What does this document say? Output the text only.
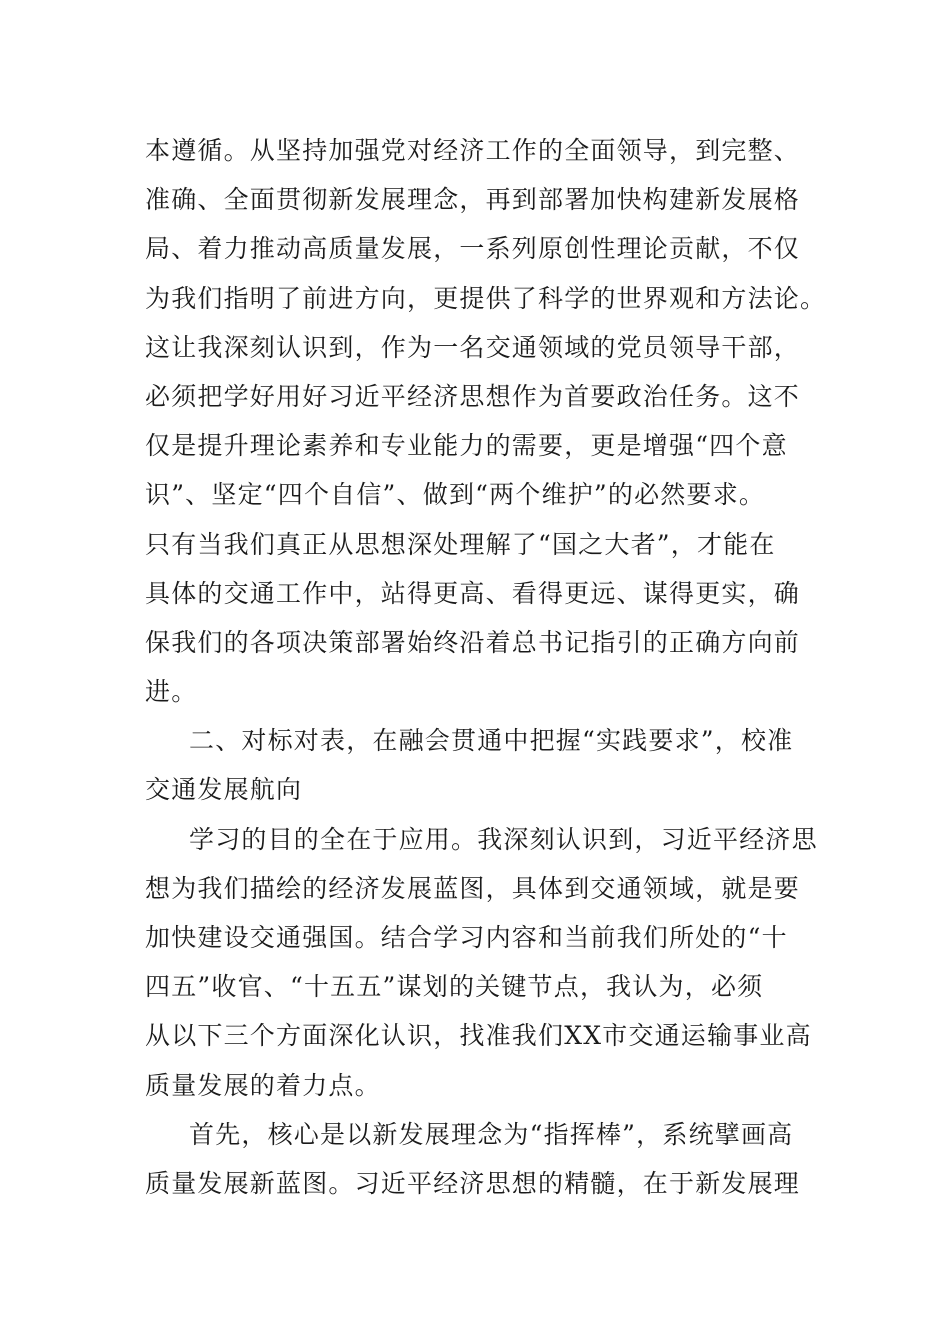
本遵循。从坚持加强党对经济工作的全面领导，到完整、
准确、全面贯彻新发展理念，再到部署加快构建新发展格
局、着力推动高质量发展，一系列原创性理论贡献，不仅
为我们指明了前进方向，更提供了科学的世界观和方法论。
这让我深刻认识到，作为一名交通领域的党员领导干部，
必须把学好用好习近平经济思想作为首要政治任务。这不
仅是提升理论素养和专业能力的需要，更是增强“四个意
识”、坚定“四个自信”、做到“两个维护”的必然要求。
只有当我们真正从思想深处理解了“国之大者”，才能在
具体的交通工作中，站得更高、看得更远、谋得更实，确
保我们的各项决策部署始终沿着总书记指引的正确方向前
进。
二、对标对表，在融会贯通中把握“实践要求”，校准
交通发展航向
学习的目的全在于应用。我深刻认识到，习近平经济思
想为我们描绘的经济发展蓝图，具体到交通领域，就是要
加快建设交通强国。结合学习内容和当前我们所处的“十
四五”收官、“十五五”谋划的关键节点，我认为，必须
从以下三个方面深化认识，找准我们XX市交通运输事业高
质量发展的着力点。
首先，核心是以新发展理念为“指挥棒”，系统擘画高
质量发展新蓝图。习近平经济思想的精髓，在于新发展理
